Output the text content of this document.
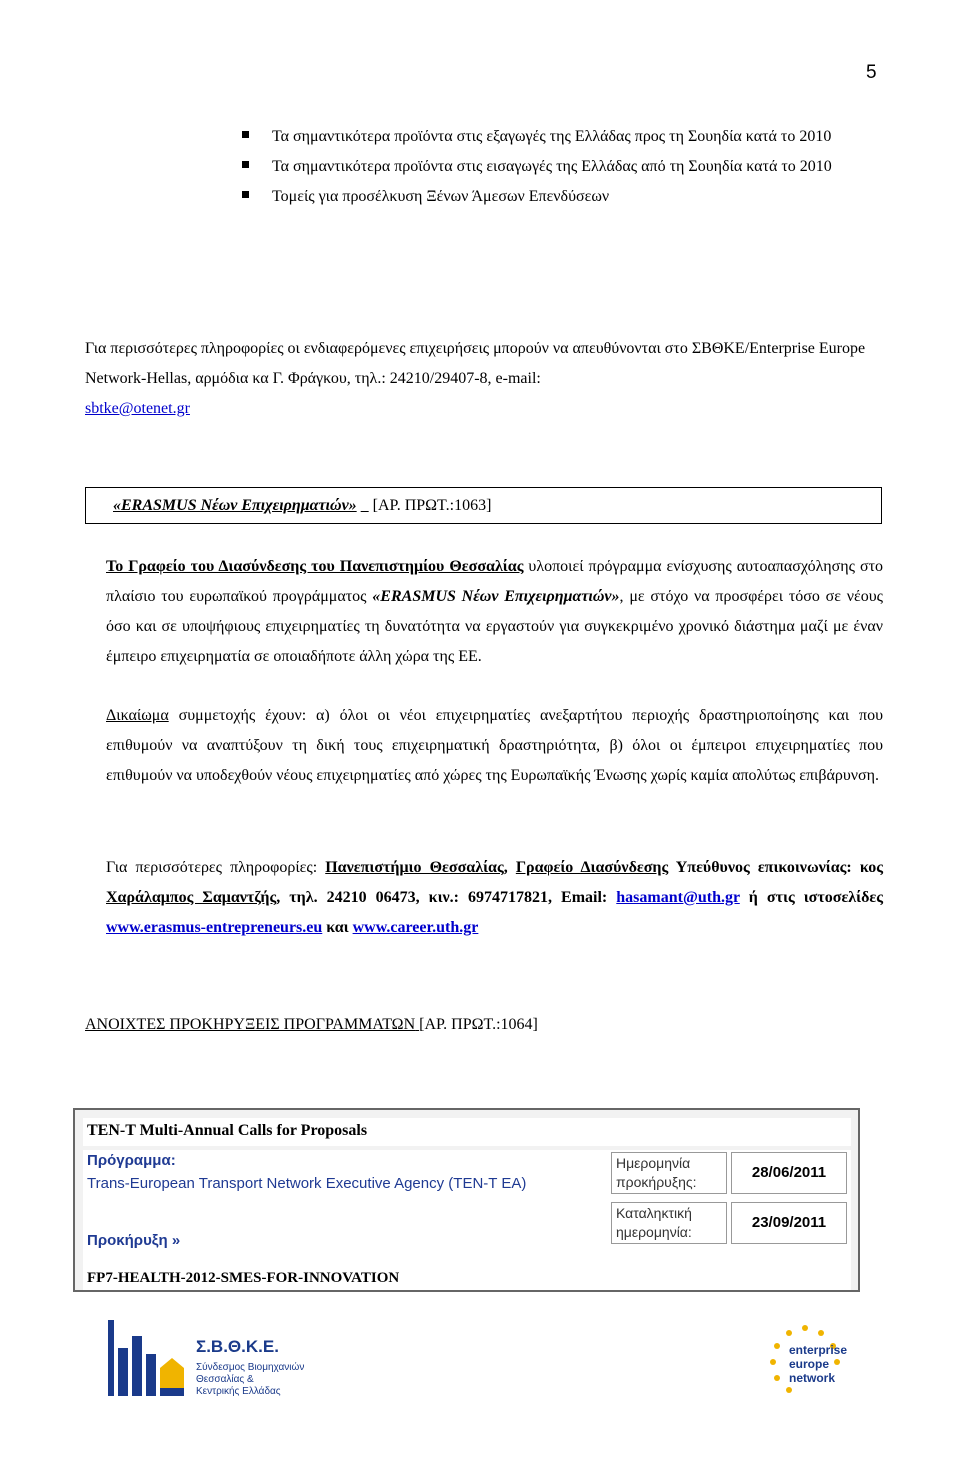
5
Τα σημαντικότερα προϊόντα στις εξαγωγές της Ελλάδας προς τη Σουηδία κατά το 2010
Τα σημαντικότερα προϊόντα στις εισαγωγές της Ελλάδας από τη Σουηδία κατά το 2010
Τομείς για προσέλκυση Ξένων Άμεσων Επενδύσεων

Για περισσότερες πληροφορίες οι ενδιαφερόμενες επιχειρήσεις μπορούν να απευθύνονται στο ΣΒΘΚΕ/Enterprise Europe Network-Hellas, αρμόδια κα Γ. Φράγκου, τηλ.: 24210/29407-8, e-mail:
sbtke@otenet.gr

«ERASMUS Νέων Επιχειρηματιών» [ΑΡ. ΠΡΩΤ.:1063]

Το Γραφείο του Διασύνδεσης του Πανεπιστημίου Θεσσαλίας υλοποιεί πρόγραμμα ενίσχυσης αυτοαπασχόλησης στο πλαίσιο του ευρωπαϊκού προγράμματος «ERASMUS Νέων Επιχειρηματιών», με στόχο να προσφέρει τόσο σε νέους όσο και σε υποψήφιους επιχειρηματίες τη δυνατότητα να εργαστούν για συγκεκριμένο χρονικό διάστημα μαζί με έναν έμπειρο επιχειρηματία σε οποιαδήποτε άλλη χώρα της ΕΕ.

Δικαίωμα συμμετοχής έχουν: α) όλοι οι νέοι επιχειρηματίες ανεξαρτήτου περιοχής δραστηριοποίησης και που επιθυμούν να αναπτύξουν τη δική τους επιχειρηματική δραστηριότητα, β) όλοι οι έμπειροι επιχειρηματίες που επιθυμούν να υποδεχθούν νέους επιχειρηματίες από χώρες της Ευρωπαϊκής Ένωσης χωρίς καμία απολύτως επιβάρυνση.

Για περισσότερες πληροφορίες: Πανεπιστήμιο Θεσσαλίας, Γραφείο Διασύνδεσης Υπεύθυνος επικοινωνίας: κος Χαράλαμπος Σαμαντζής, τηλ. 24210 06473, κιν.: 6974717821, Email: hasamant@uth.gr ή στις ιστοσελίδες www.erasmus-entrepreneurs.eu και www.career.uth.gr

ΑΝΟΙΧΤΕΣ ΠΡΟΚΗΡΥΞΕΙΣ ΠΡΟΓΡΑΜΜΑΤΩΝ [ΑΡ. ΠΡΩΤ.:1064]
TEN-T Multi-Annual Calls for Proposals
Πρόγραμμα:
Trans-European Transport Network Executive Agency (TEN-T EA)
Προκήρυξη »
Ημερομηνία προκήρυξης:
28/06/2011
Καταληκτική ημερομηνία:
23/09/2011
FP7-HEALTH-2012-SMES-FOR-INNOVATION
Σ.Β.Θ.Κ.Ε.
Σύνδεσμος Βιομηχανιών
Θεσσαλίας &
Κεντρικής Ελλάδας
enterprise
europe
network
